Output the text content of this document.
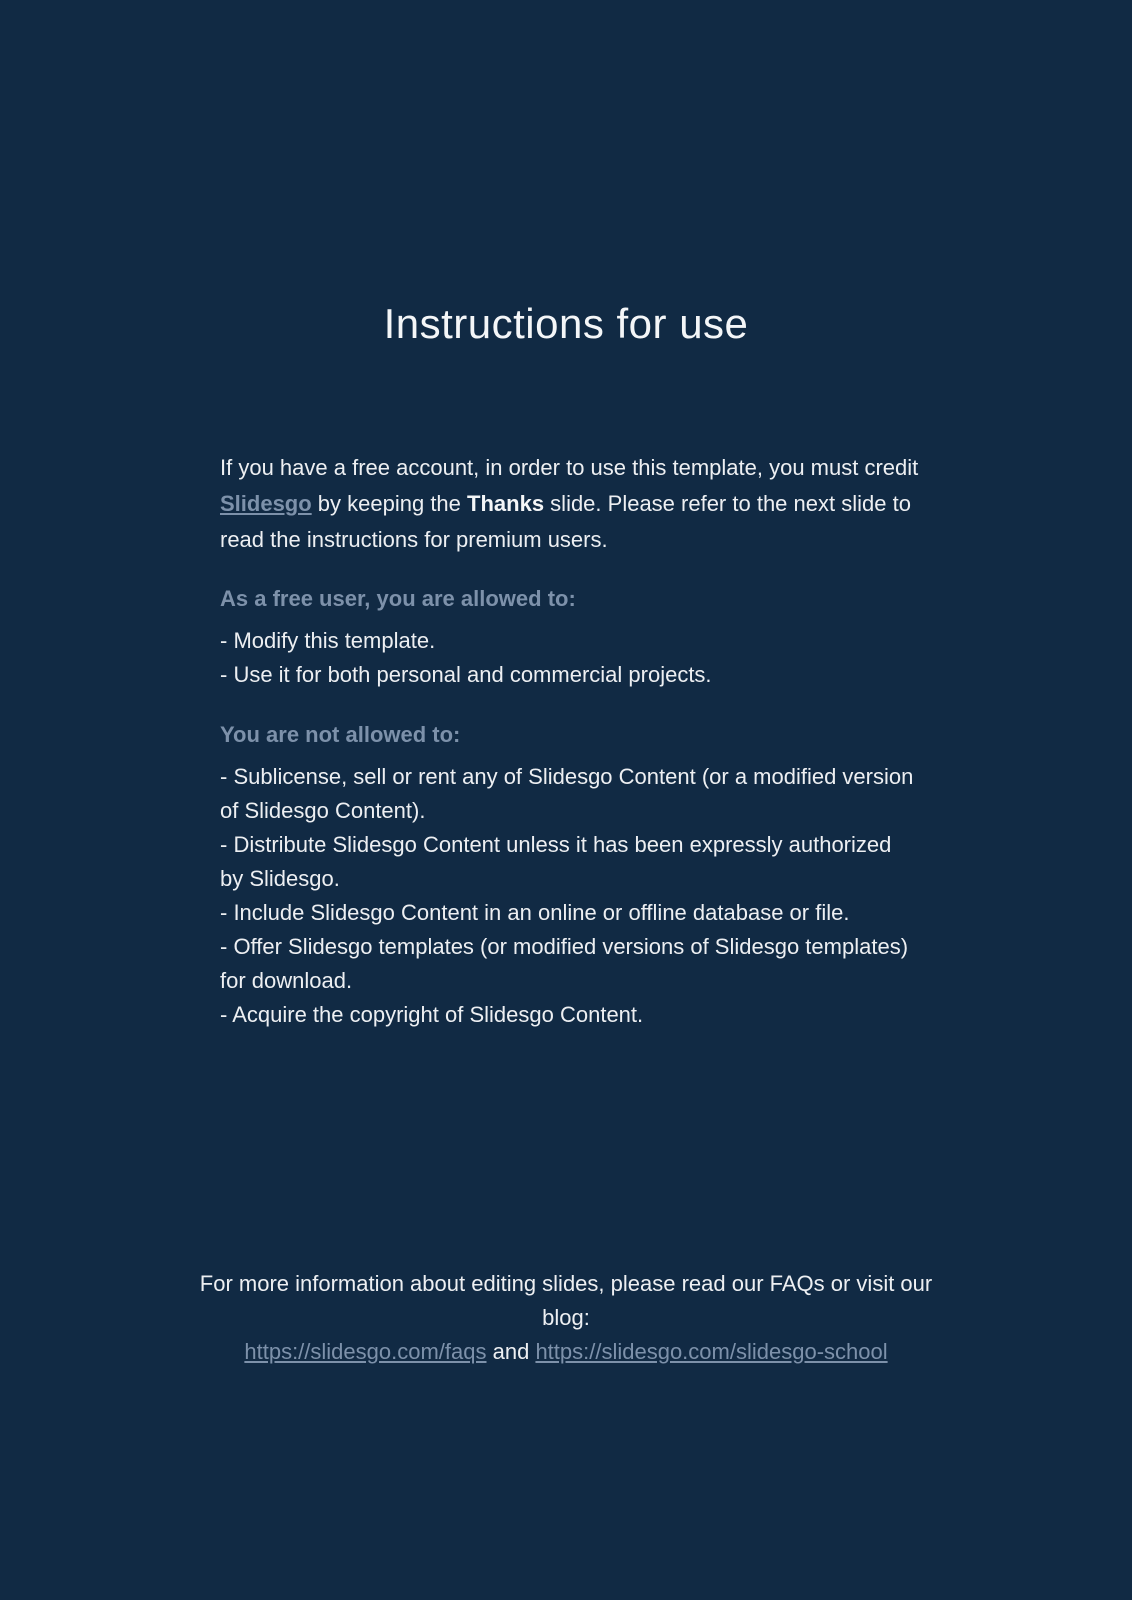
Instructions for use

If you have a free account, in order to use this template, you must credit Slidesgo by keeping the Thanks slide. Please refer to the next slide to read the instructions for premium users.

As a free user, you are allowed to:

- Modify this template.

- Use it for both personal and commercial projects.

You are not allowed to:

- Sublicense, sell or rent any of Slidesgo Content (or a modified version of Slidesgo Content).

- Distribute Slidesgo Content unless it has been expressly authorized by Slidesgo.

- Include Slidesgo Content in an online or offline database or file.

- Offer Slidesgo templates (or modified versions of Slidesgo templates) for download.

- Acquire the copyright of Slidesgo Content.

For more information about editing slides, please read our FAQs or visit our

blog:

https://slidesgo.com/faqs and https://slidesgo.com/slidesgo-school
